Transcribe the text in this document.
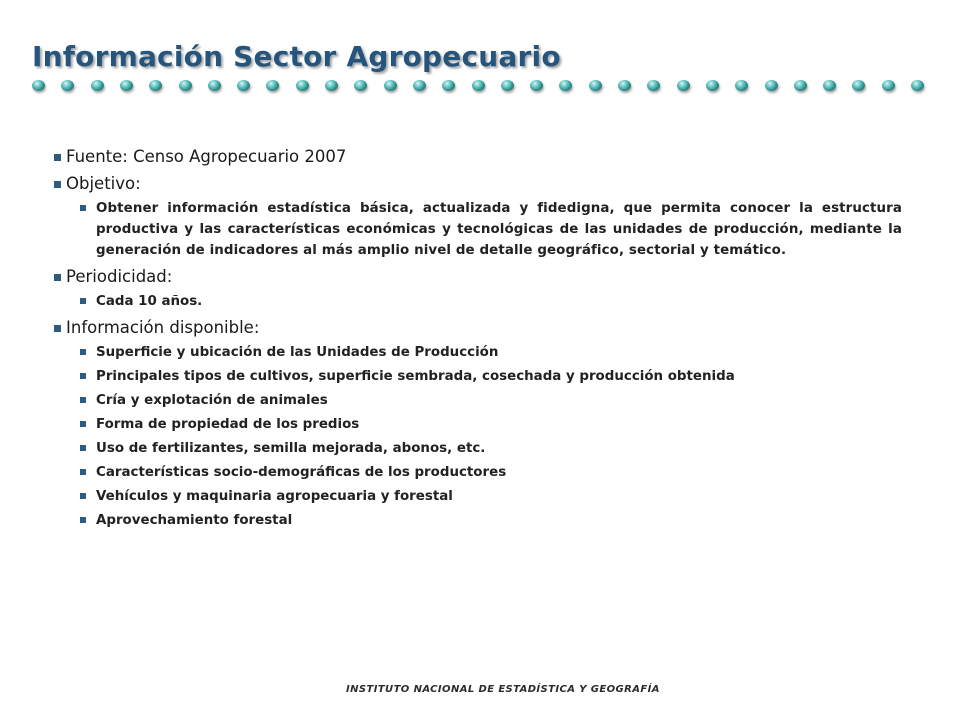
Información Sector Agropecuario
Fuente: Censo Agropecuario 2007
Objetivo:
Obtener información estadística básica, actualizada y fidedigna, que permita conocer la estructura productiva y las características económicas y tecnológicas de las unidades de producción, mediante la generación de indicadores al más amplio nivel de detalle geográfico, sectorial y temático.
Periodicidad:
Cada 10 años.
Información disponible:
Superficie y ubicación de las Unidades de Producción
Principales tipos de cultivos, superficie sembrada, cosechada y producción obtenida
Cría y explotación de animales
Forma de propiedad de los predios
Uso de fertilizantes, semilla mejorada, abonos, etc.
Características socio-demográficas de los productores
Vehículos y maquinaria agropecuaria y forestal
Aprovechamiento forestal
INSTITUTO NACIONAL DE ESTADÍSTICA Y GEOGRAFÍA
